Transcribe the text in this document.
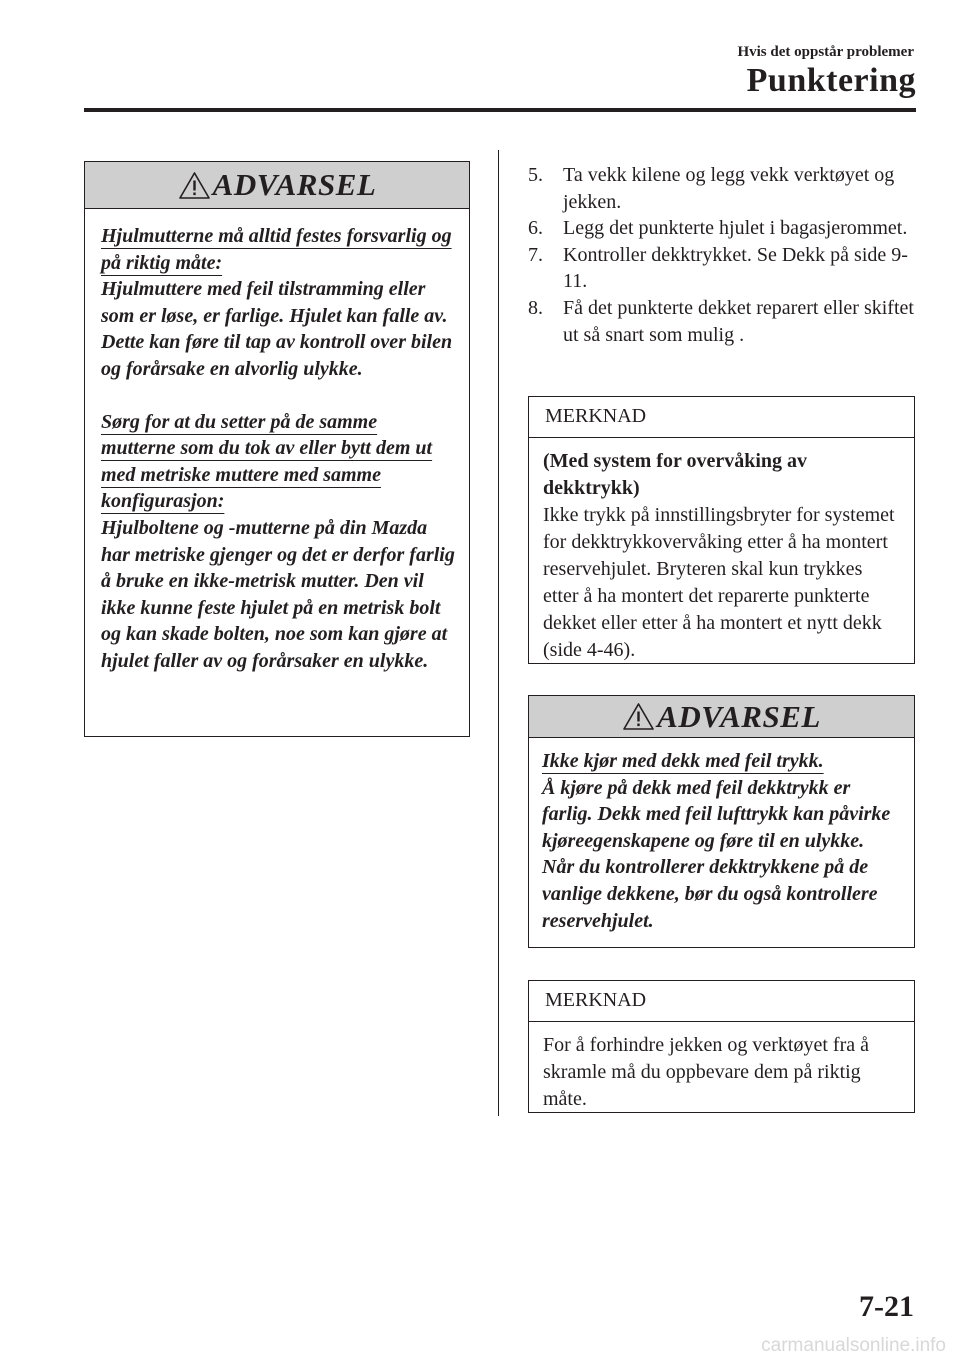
Hvis det oppstår problemer
Punktering
ADVARSEL

Hjulmutterne må alltid festes forsvarlig og på riktig måte:

Hjulmuttere med feil tilstramming eller som er løse, er farlige. Hjulet kan falle av. Dette kan føre til tap av kontroll over bilen og forårsake en alvorlig ulykke.

Sørg for at du setter på de samme mutterne som du tok av eller bytt dem ut med metriske muttere med samme konfigurasjon:

Hjulboltene og -mutterne på din Mazda har metriske gjenger og det er derfor farlig å bruke en ikke-metrisk mutter. Den vil ikke kunne feste hjulet på en metrisk bolt og kan skade bolten, noe som kan gjøre at hjulet faller av og forårsaker en ulykke.

5.	Ta vekk kilene og legg vekk verktøyet og jekken.
6.	Legg det punkterte hjulet i bagasjerommet.
7.	Kontroller dekktrykket. Se Dekk på side 9-11.
8.	Få det punkterte dekket reparert eller skiftet ut så snart som mulig .
MERKNAD

(Med system for overvåking av dekktrykk)

Ikke trykk på innstillingsbryter for systemet for dekktrykkovervåking etter å ha montert reservehjulet. Bryteren skal kun trykkes etter å ha montert det reparerte punkterte dekket eller etter å ha montert et nytt dekk (side 4-46).

ADVARSEL

Ikke kjør med dekk med feil trykk.

Å kjøre på dekk med feil dekktrykk er farlig. Dekk med feil lufttrykk kan påvirke kjøreegenskapene og føre til en ulykke. Når du kontrollerer dekktrykkene på de vanlige dekkene, bør du også kontrollere reservehjulet.

MERKNAD

For å forhindre jekken og verktøyet fra å skramle må du oppbevare dem på riktig måte.

7-21
carmanualsonline.info
